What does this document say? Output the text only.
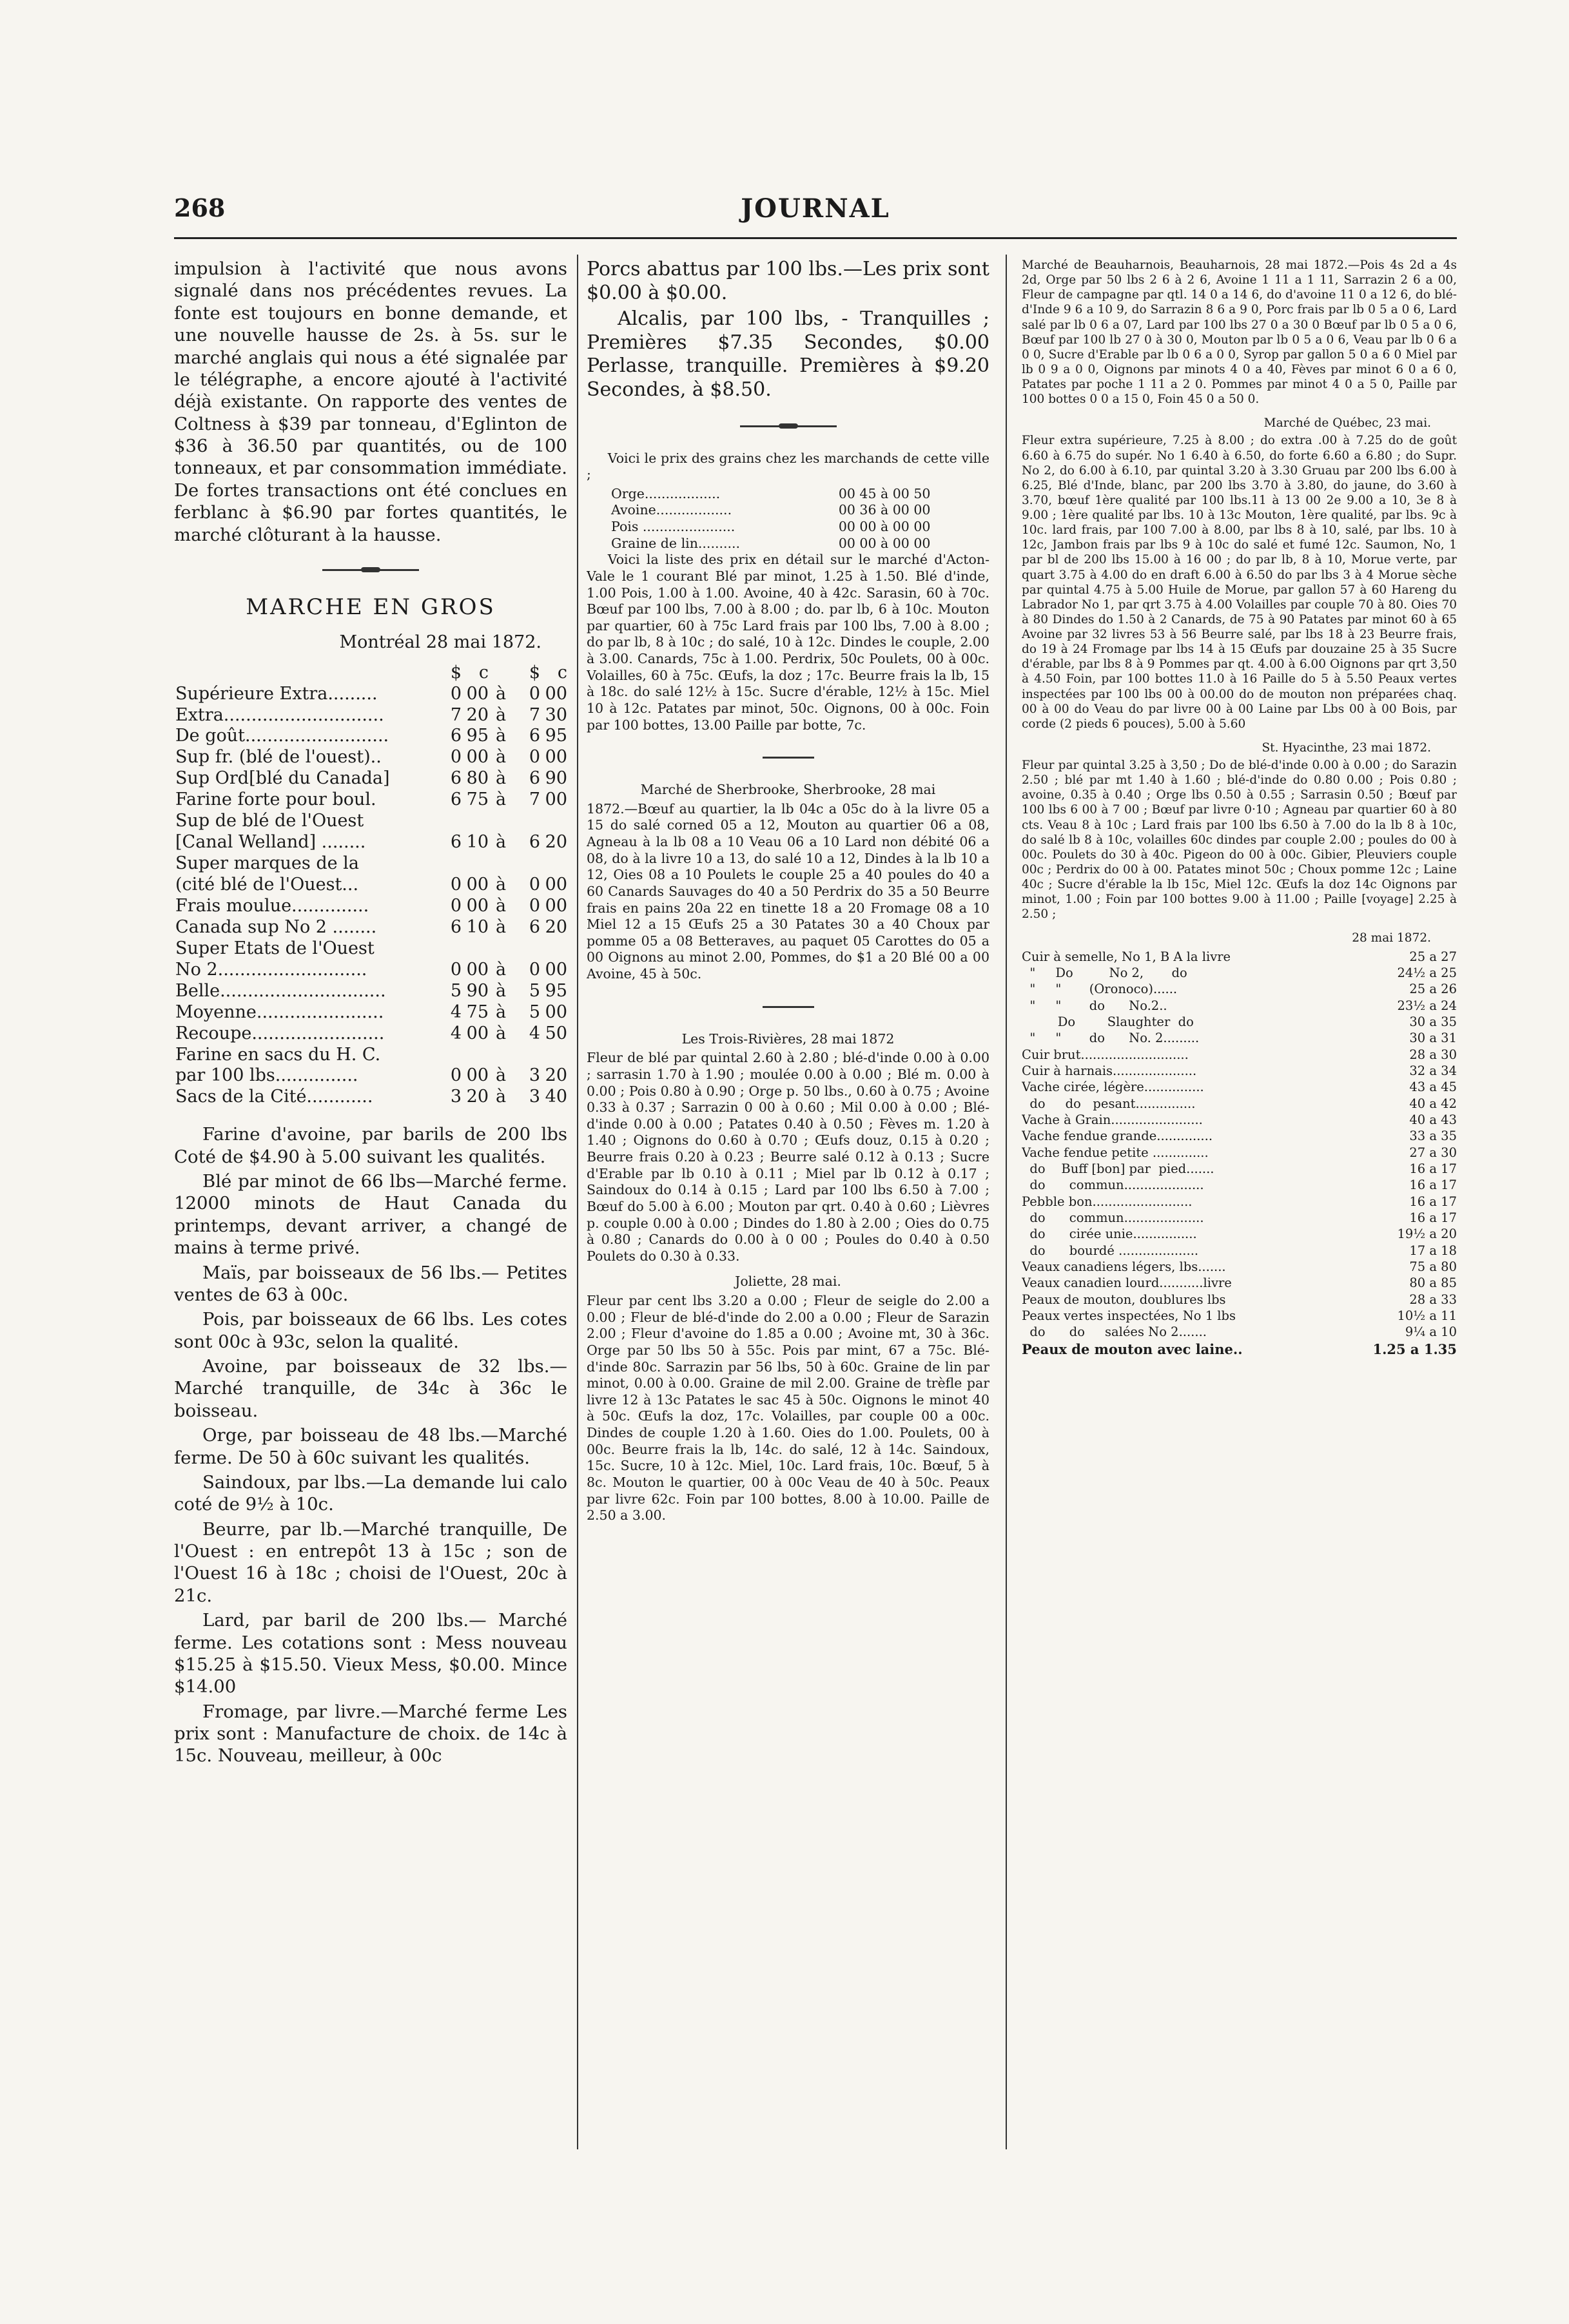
268	JOURNAL

impulsion à l'activité que nous avons signalé dans nos précédentes revues. La fonte est toujours en bonne demande, et une nouvelle hausse de 2s. à 5s. sur le marché anglais qui nous a été signalée par le télégraphe, a encore ajouté à l'activité déjà existante. On rapporte des ventes de Coltness à $39 par tonneau, d'Eglinton de $36 à 36.50 par quantités, ou de 100 tonneaux, et par consommation immédiate. De fortes transactions ont été conclues en ferblanc à $6.90 par fortes quantités, le marché clôturant à la hausse.

MARCHE EN GROS
Montréal 28 mai 1872.
	$	c		$	c
Supérieure Extra.........	0	00	à	0	00
Extra.............................	7	20	à	7	30
De goût..........................	6	95	à	6	95
Sup fr. (blé de l'ouest)..	0	00	à	0	00
Sup Ord[blé du Canada]	6	80	à	6	90
Farine forte pour boul.	6	75	à	7	00
Sup de blé de l'Ouest					
[Canal Welland] ........	6	10	à	6	20
Super marques de la					
(cité blé de l'Ouest...	0	00	à	0	00
Frais moulue..............	0	00	à	0	00
Canada sup No 2 ........	6	10	à	6	20
Super Etats de l'Ouest					
No 2...........................	0	00	à	0	00
Belle..............................	5	90	à	5	95
Moyenne.......................	4	75	à	5	00
Recoupe........................	4	00	à	4	50
Farine en sacs du H. C.					
par 100 lbs...............	0	00	à	3	20
Sacs de la Cité............	3	20	à	3	40

Farine d'avoine, par barils de 200 lbs Coté de $4.90 à 5.00 suivant les qualités.

Blé par minot de 66 lbs—Marché ferme. 12000 minots de Haut Canada du printemps, devant arriver, a changé de mains à terme privé.

Maïs, par boisseaux de 56 lbs.— Petites ventes de 63 à 00c.

Pois, par boisseaux de 66 lbs. Les cotes sont 00c à 93c, selon la qualité.

Avoine, par boisseaux de 32 lbs.— Marché tranquille, de 34c à 36c le boisseau.

Orge, par boisseau de 48 lbs.—Marché ferme. De 50 à 60c suivant les qualités.

Saindoux, par lbs.—La demande lui calo coté de 9½ à 10c.

Beurre, par lb.—Marché tranquille, De l'Ouest : en entrepôt 13 à 15c ; son de l'Ouest 16 à 18c ; choisi de l'Ouest, 20c à 21c.

Lard, par baril de 200 lbs.— Marché ferme. Les cotations sont : Mess nouveau $15.25 à $15.50. Vieux Mess, $0.00. Mince $14.00

Fromage, par livre.—Marché ferme Les prix sont : Manufacture de choix. de 14c à 15c. Nouveau, meilleur, à 00c

Porcs abattus par 100 lbs.—Les prix sont $0.00 à $0.00.

Alcalis, par 100 lbs, - Tranquilles ; Premières $7.35 Secondes, $0.00 Perlasse, tranquille. Premières à $9.20 Secondes, à $8.50.

Voici le prix des grains chez les marchands de cette ville ;

Orge..................	00 45 à 00 50
Avoine..................	00 36 à 00 00
Pois ......................	00 00 à 00 00
Graine de lin..........	00 00 à 00 00

Voici la liste des prix en détail sur le marché d'Acton-Vale le 1 courant Blé par minot, 1.25 à 1.50. Blé d'inde, 1.00 Pois, 1.00 à 1.00. Avoine, 40 à 42c. Sarasin, 60 à 70c. Bœuf par 100 lbs, 7.00 à 8.00 ; do. par lb, 6 à 10c. Mouton par quartier, 60 à 75c Lard frais par 100 lbs, 7.00 à 8.00 ; do par lb, 8 à 10c ; do salé, 10 à 12c. Dindes le couple, 2.00 à 3.00. Canards, 75c à 1.00. Perdrix, 50c Poulets, 00 à 00c. Volailles, 60 à 75c. Œufs, la doz ; 17c. Beurre frais la lb, 15 à 18c. do salé 12½ à 15c. Sucre d'érable, 12½ à 15c. Miel 10 à 12c. Patates par minot, 50c. Oignons, 00 à 00c. Foin par 100 bottes, 13.00 Paille par botte, 7c.

Marché de Sherbrooke, Sherbrooke, 28 mai

1872.—Bœuf au quartier, la lb 04c a 05c do à la livre 05 a 15 do salé corned 05 a 12, Mouton au quartier 06 a 08, Agneau à la lb 08 a 10 Veau 06 a 10 Lard non débité 06 a 08, do à la livre 10 a 13, do salé 10 a 12, Dindes à la lb 10 a 12, Oies 08 a 10 Poulets le couple 25 a 40 poules do 40 a 60 Canards Sauvages do 40 a 50 Perdrix do 35 a 50 Beurre frais en pains 20a 22 en tinette 18 a 20 Fromage 08 a 10 Miel 12 a 15 Œufs 25 a 30 Patates 30 a 40 Choux par pomme 05 a 08 Betteraves, au paquet 05 Carottes do 05 a 00 Oignons au minot 2.00, Pommes, do $1 a 20 Blé 00 a 00 Avoine, 45 à 50c.

Les Trois-Rivières, 28 mai 1872

Fleur de blé par quintal 2.60 à 2.80 ; blé-d'inde 0.00 à 0.00 ; sarrasin 1.70 à 1.90 ; moulée 0.00 à 0.00 ; Blé m. 0.00 à 0.00 ; Pois 0.80 à 0.90 ; Orge p. 50 lbs., 0.60 à 0.75 ; Avoine 0.33 à 0.37 ; Sarrazin 0 00 à 0.60 ; Mil 0.00 à 0.00 ; Blé-d'inde 0.00 à 0.00 ; Patates 0.40 à 0.50 ; Fèves m. 1.20 à 1.40 ; Oignons do 0.60 à 0.70 ; Œufs douz, 0.15 à 0.20 ; Beurre frais 0.20 à 0.23 ; Beurre salé 0.12 à 0.13 ; Sucre d'Erable par lb 0.10 à 0.11 ; Miel par lb 0.12 à 0.17 ; Saindoux do 0.14 à 0.15 ; Lard par 100 lbs 6.50 à 7.00 ; Bœuf do 5.00 à 6.00 ; Mouton par qrt. 0.40 à 0.60 ; Lièvres p. couple 0.00 à 0.00 ; Dindes do 1.80 à 2.00 ; Oies do 0.75 à 0.80 ; Canards do 0.00 à 0 00 ; Poules do 0.40 à 0.50 Poulets do 0.30 à 0.33.

Joliette, 28 mai.

Fleur par cent lbs 3.20 a 0.00 ; Fleur de seigle do 2.00 a 0.00 ; Fleur de blé-d'inde do 2.00 a 0.00 ; Fleur de Sarazin 2.00 ; Fleur d'avoine do 1.85 a 0.00 ; Avoine mt, 30 à 36c. Orge par 50 lbs 50 à 55c. Pois par mint, 67 a 75c. Blé-d'inde 80c. Sarrazin par 56 lbs, 50 à 60c. Graine de lin par minot, 0.00 à 0.00. Graine de mil 2.00. Graine de trèfle par livre 12 à 13c Patates le sac 45 à 50c. Oignons le minot 40 à 50c. Œufs la doz, 17c. Volailles, par couple 00 a 00c. Dindes de couple 1.20 à 1.60. Oies do 1.00. Poulets, 00 à 00c. Beurre frais la lb, 14c. do salé, 12 à 14c. Saindoux, 15c. Sucre, 10 à 12c. Miel, 10c. Lard frais, 10c. Bœuf, 5 à 8c. Mouton le quartier, 00 à 00c Veau de 40 à 50c. Peaux par livre 62c. Foin par 100 bottes, 8.00 à 10.00. Paille de 2.50 a 3.00.

Marché de Beauharnois, Beauharnois, 28 mai 1872.—Pois 4s 2d a 4s 2d, Orge par 50 lbs 2 6 à 2 6, Avoine 1 11 a 1 11, Sarrazin 2 6 a 00, Fleur de campagne par qtl. 14 0 a 14 6, do d'avoine 11 0 a 12 6, do blé-d'Inde 9 6 a 10 9, do Sarrazin 8 6 a 9 0, Porc frais par lb 0 5 a 0 6, Lard salé par lb 0 6 a 07, Lard par 100 lbs 27 0 a 30 0 Bœuf par lb 0 5 a 0 6, Bœuf par 100 lb 27 0 à 30 0, Mouton par lb 0 5 a 0 6, Veau par lb 0 6 a 0 0, Sucre d'Erable par lb 0 6 a 0 0, Syrop par gallon 5 0 a 6 0 Miel par lb 0 9 a 0 0, Oignons par minots 4 0 a 40, Fèves par minot 6 0 a 6 0, Patates par poche 1 11 a 2 0. Pommes par minot 4 0 a 5 0, Paille par 100 bottes 0 0 a 15 0, Foin 45 0 a 50 0.

Marché de Québec, 23 mai.

Fleur extra supérieure, 7.25 à 8.00 ; do extra .00 à 7.25 do de goût 6.60 à 6.75 do supér. No 1 6.40 à 6.50, do forte 6.60 a 6.80 ; do Supr. No 2, do 6.00 à 6.10, par quintal 3.20 à 3.30 Gruau par 200 lbs 6.00 à 6.25, Blé d'Inde, blanc, par 200 lbs 3.70 à 3.80, do jaune, do 3.60 à 3.70, bœuf 1ère qualité par 100 lbs.11 à 13 00 2e 9.00 a 10, 3e 8 à 9.00 ; 1ère qualité par lbs. 10 à 13c Mouton, 1ère qualité, par lbs. 9c à 10c. lard frais, par 100 7.00 à 8.00, par lbs 8 à 10, salé, par lbs. 10 à 12c, Jambon frais par lbs 9 à 10c do salé et fumé 12c. Saumon, No, 1 par bl de 200 lbs 15.00 à 16 00 ; do par lb, 8 à 10, Morue verte, par quart 3.75 à 4.00 do en draft 6.00 à 6.50 do par lbs 3 à 4 Morue sèche par quintal 4.75 à 5.00 Huile de Morue, par gallon 57 à 60 Hareng du Labrador No 1, par qrt 3.75 à 4.00 Volailles par couple 70 à 80. Oies 70 à 80 Dindes do 1.50 à 2 Canards, de 75 à 90 Patates par minot 60 à 65 Avoine par 32 livres 53 à 56 Beurre salé, par lbs 18 à 23 Beurre frais, do 19 à 24 Fromage par lbs 14 à 15 Œufs par douzaine 25 à 35 Sucre d'érable, par lbs 8 à 9 Pommes par qt. 4.00 à 6.00 Oignons par qrt 3,50 à 4.50 Foin, par 100 bottes 11.0 à 16 Paille do 5 à 5.50 Peaux vertes inspectées par 100 lbs 00 à 00.00 do de mouton non préparées chaq. 00 à 00 do Veau do par livre 00 à 00 Laine par Lbs 00 à 00 Bois, par corde (2 pieds 6 pouces), 5.00 à 5.60

St. Hyacinthe, 23 mai 1872.

Fleur par quintal 3.25 à 3,50 ; Do de blé-d'inde 0.00 à 0.00 ; do Sarazin 2.50 ; blé par mt 1.40 à 1.60 ; blé-d'inde do 0.80 0.00 ; Pois 0.80 ; avoine, 0.35 à 0.40 ; Orge lbs 0.50 à 0.55 ; Sarrasin 0.50 ; Bœuf par 100 lbs 6 00 à 7 00 ; Bœuf par livre 0·10 ; Agneau par quartier 60 à 80 cts. Veau 8 à 10c ; Lard frais par 100 lbs 6.50 à 7.00 do la lb 8 à 10c, do salé lb 8 à 10c, volailles 60c dindes par couple 2.00 ; poules do 00 à 00c. Poulets do 30 à 40c. Pigeon do 00 à 00c. Gibier, Pleuviers couple 00c ; Perdrix do 00 à 00. Patates minot 50c ; Choux pomme 12c ; Laine 40c ; Sucre d'érable la lb 15c, Miel 12c. Œufs la doz 14c Oignons par minot, 1.00 ; Foin par 100 bottes 9.00 à 11.00 ; Paille [voyage] 2.25 à 2.50 ;

28 mai 1872.

Cuir à semelle, No 1, B A la livre	25 a 27
"     Do         No 2,       do	24½ a 25
"     "       (Oronoco)......	25 a 26
"     "       do      No.2..	23½ a 24
Do        Slaughter  do	30 a 35
"     "       do      No. 2.........	30 a 31
Cuir brut...........................	28 a 30
Cuir à harnais.....................	32 a 34
Vache cirée, légère...............	43 a 45
do     do   pesant...............	40 a 42
Vache à Grain.......................	40 a 43
Vache fendue grande..............	33 a 35
Vache fendue petite ..............	27 a 30
do    Buff [bon] par  pied.......	16 a 17
do      commun....................	16 a 17
Pebble bon.........................	16 a 17
do      commun....................	16 a 17
do      cirée unie................	19½ a 20
do      bourdé ....................	17 a 18
Veaux canadiens légers, lbs.......	75 a 80
Veaux canadien lourd...........livre	80 a 85
Peaux de mouton, doublures lbs	28 a 33
Peaux vertes inspectées, No 1 lbs	10½ a 11
do      do     salées No 2.......	9¼ a 10
Peaux de mouton avec laine..	1.25 a 1.35
